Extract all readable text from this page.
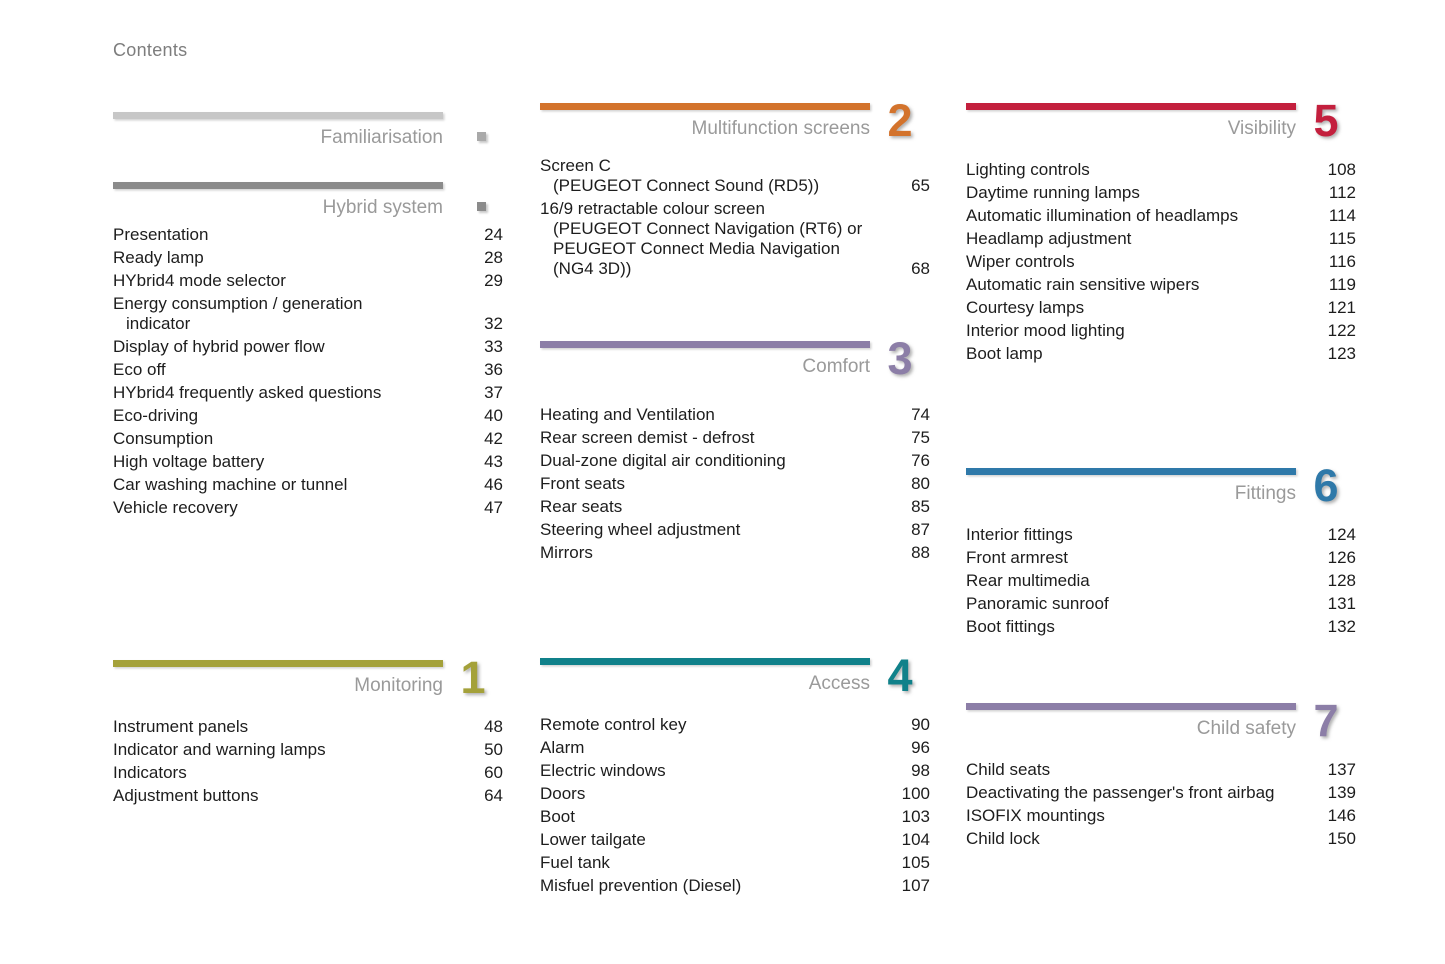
Contents
Familiarisation
Hybrid system
Presentation	24
Ready lamp	28
HYbrid4 mode selector	29
Energy consumption / generation
indicator	32
Display of hybrid power flow	33
Eco off	36
HYbrid4 frequently asked questions	37
Eco-driving	40
Consumption	42
High voltage battery	43
Car washing machine or tunnel	46
Vehicle recovery	47
Monitoring 1
Instrument panels	48
Indicator and warning lamps	50
Indicators	60
Adjustment buttons	64
Multifunction screens 2
Screen C
(PEUGEOT Connect Sound (RD5))	65
16/9 retractable colour screen
(PEUGEOT Connect Navigation (RT6) or
PEUGEOT Connect Media Navigation
(NG4 3D))	68
Comfort 3
Heating and Ventilation	74
Rear screen demist - defrost	75
Dual-zone digital air conditioning	76
Front seats	80
Rear seats	85
Steering wheel adjustment	87
Mirrors	88
Access 4
Remote control key	90
Alarm	96
Electric windows	98
Doors	100
Boot	103
Lower tailgate	104
Fuel tank	105
Misfuel prevention (Diesel)	107
Visibility 5
Lighting controls	108
Daytime running lamps	112
Automatic illumination of headlamps	114
Headlamp adjustment	115
Wiper controls	116
Automatic rain sensitive wipers	119
Courtesy lamps	121
Interior mood lighting	122
Boot lamp	123
Fittings 6
Interior fittings	124
Front armrest	126
Rear multimedia	128
Panoramic sunroof	131
Boot fittings	132
Child safety 7
Child seats	137
Deactivating the passenger's front airbag	139
ISOFIX mountings	146
Child lock	150
